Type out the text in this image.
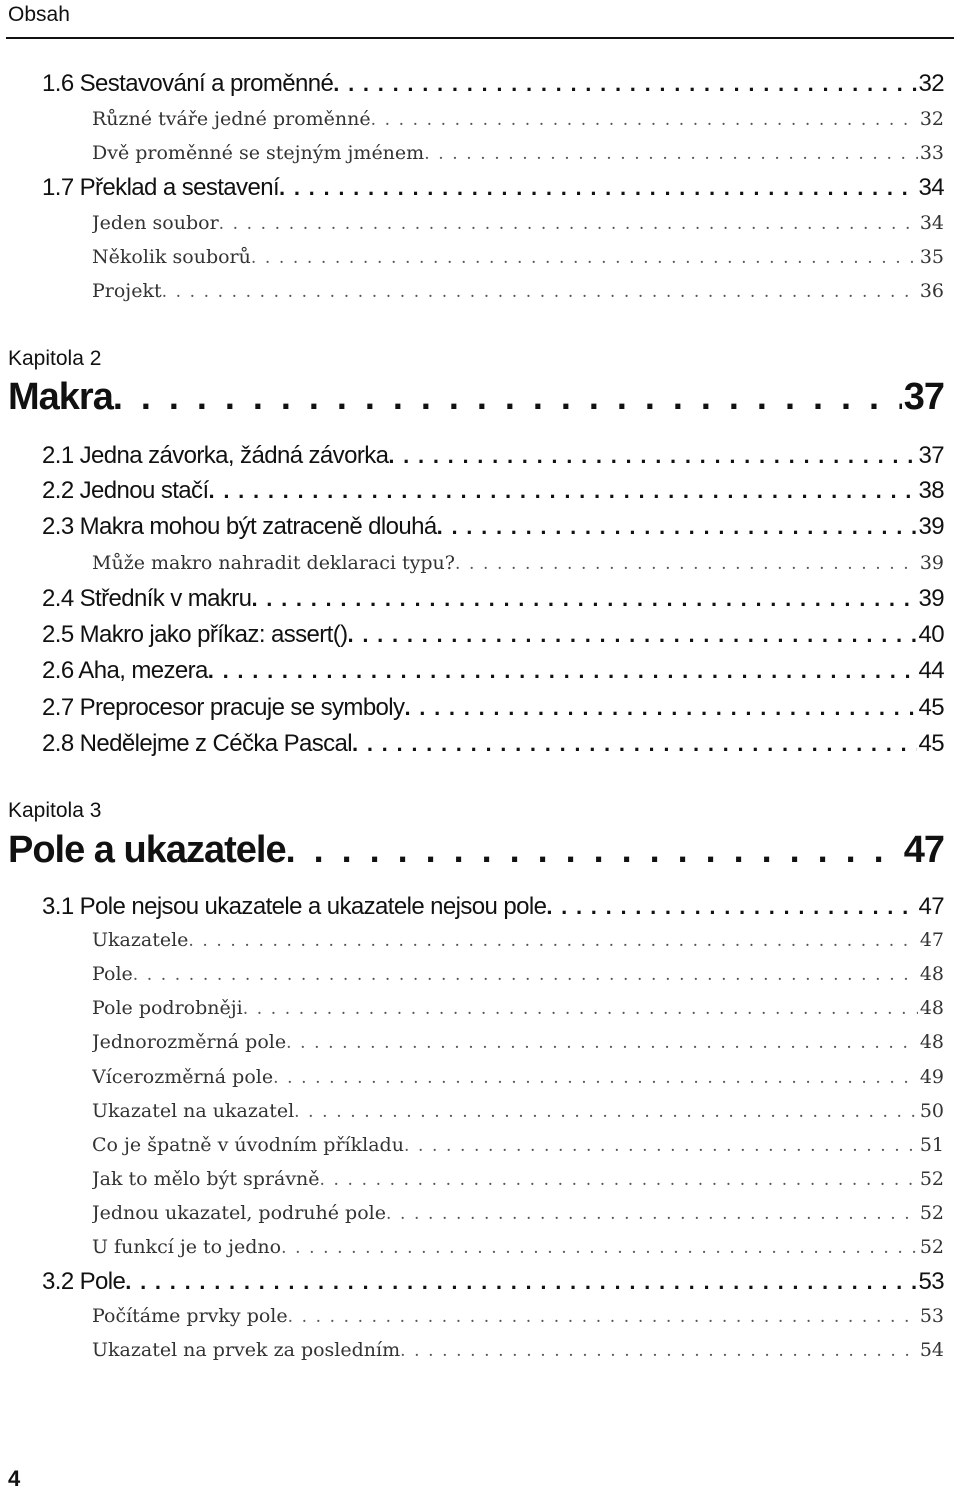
Obsah
1.6 Sestavování a proměnné . . .	32
Různé tváře jedné proměnné . . .	32
Dvě proměnné se stejným jménem . . .	33
1.7 Překlad a sestavení . . .	34
Jeden soubor . . .	34
Několik souborů . . .	35
Projekt . . .	36
Kapitola 2
Makra . . .	37
2.1 Jedna závorka, žádná závorka . . .	37
2.2 Jednou stačí . . .	38
2.3 Makra mohou být zatraceně dlouhá . . .	39
Může makro nahradit deklaraci typu? . . .	39
2.4 Středník v makru . . .	39
2.5 Makro jako příkaz: assert() . . .	40
2.6 Aha, mezera . . .	44
2.7 Preprocesor pracuje se symboly . . .	45
2.8 Nedělejme z Céčka Pascal . . .	45
Kapitola 3
Pole a ukazatele . . .	47
3.1 Pole nejsou ukazatele a ukazatele nejsou pole . . .	47
Ukazatele . . .	47
Pole . . .	48
Pole podrobněji . . .	48
Jednorozměrná pole . . .	48
Vícerozměrná pole . . .	49
Ukazatel na ukazatel . . .	50
Co je špatně v úvodním příkladu . . .	51
Jak to mělo být správně . . .	52
Jednou ukazatel, podruhé pole . . .	52
U funkcí je to jedno . . .	52
3.2 Pole . . .	53
Počítáme prvky pole . . .	53
Ukazatel na prvek za posledním . . .	54
4
